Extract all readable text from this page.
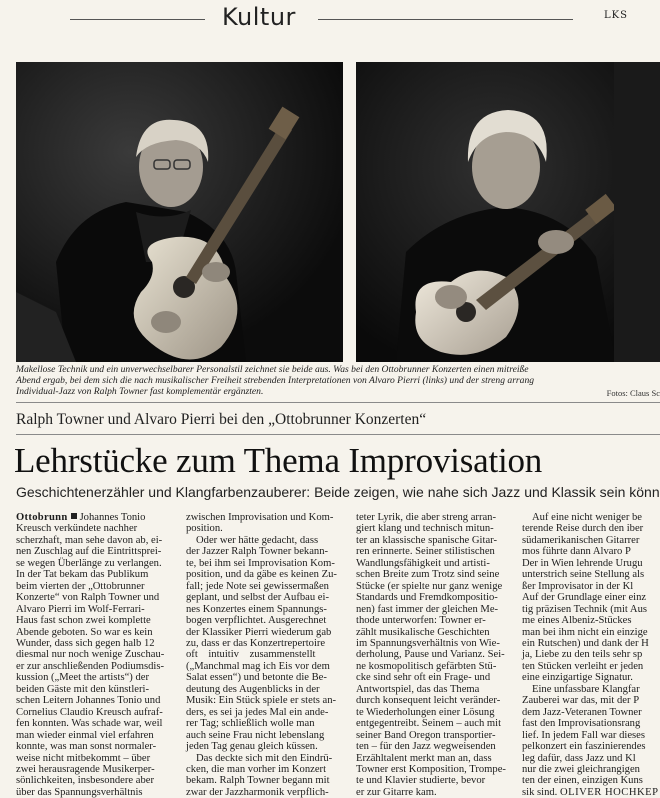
Kultur	LKS
Makellose Technik und ein unverwechselbarer Personalstil zeichnet sie beide aus. Was bei den Ottobrunner Konzerten einen mitreiße
Abend ergab, bei dem sich die nach musikalischer Freiheit strebenden Interpretationen von Alvaro Pierri (links) und der streng arrang
Individual-Jazz von Ralph Towner fast komplementär ergänzten.	Fotos: Claus Sc
Ralph Towner und Alvaro Pierri bei den „Ottobrunner Konzerten“
Lehrstücke zum Thema Improvisation
Geschichtenerzähler und Klangfarbenzauberer: Beide zeigen, wie nahe sich Jazz und Klassik sein könn
Ottobrunn Johannes Tonio
Kreusch verkündete nachher
scherzhaft, man sehe davon ab, ei-
nen Zuschlag auf die Eintrittsprei-
se wegen Überlänge zu verlangen.
In der Tat bekam das Publikum
beim vierten der „Ottobrunner
Konzerte“ von Ralph Towner und
Alvaro Pierri im Wolf-Ferrari-
Haus fast schon zwei komplette
Abende geboten. So war es kein
Wunder, dass sich gegen halb 12
diesmal nur noch wenige Zuschau-
er zur anschließenden Podiumsdis-
kussion („Meet the artists“) der
beiden Gäste mit den künstleri-
schen Leitern Johannes Tonio und
Cornelius Claudio Kreusch aufraf-
fen konnten. Was schade war, weil
man wieder einmal viel erfahren
konnte, was man sonst normaler-
weise nicht mitbekommt – über
zwei herausragende Musikerper-
sönlichkeiten, insbesondere aber
über das Spannungsverhältnis
zwischen Improvisation und Kom-
position.
Oder wer hätte gedacht, dass
der Jazzer Ralph Towner bekann-
te, bei ihm sei Improvisation Kom-
position, und da gäbe es keinen Zu-
fall; jede Note sei gewissermaßen
geplant, und selbst der Aufbau ei-
nes Konzertes einem Spannungs-
bogen verpflichtet. Ausgerechnet
der Klassiker Pierri wiederum gab
zu, dass er das Konzertrepertoire
oft    intuitiv    zusammenstellt
(„Manchmal mag ich Eis vor dem
Salat essen“) und betonte die Be-
deutung des Augenblicks in der
Musik: Ein Stück spiele er stets an-
ders, es sei ja jedes Mal ein ande-
rer Tag; schließlich wolle man
auch seine Frau nicht lebenslang
jeden Tag genau gleich küssen.
Das deckte sich mit den Eindrü-
cken, die man vorher im Konzert
bekam. Ralph Towner begann mit
zwar der Jazzharmonik verpflich-
teter Lyrik, die aber streng arran-
giert klang und technisch mitun-
ter an klassische spanische Gitar-
ren erinnerte. Seiner stilistischen
Wandlungsfähigkeit und artisti-
schen Breite zum Trotz sind seine
Stücke (er spielte nur ganz wenige
Standards und Fremdkompositio-
nen) fast immer der gleichen Me-
thode unterworfen: Towner er-
zählt musikalische Geschichten
im Spannungsverhältnis von Wie-
derholung, Pause und Varianz. Sei-
ne kosmopolitisch gefärbten Stü-
cke sind sehr oft ein Frage- und
Antwortspiel, das das Thema
durch konsequent leicht veränder-
te Wiederholungen einer Lösung
entgegentreibt. Seinem – auch mit
seiner Band Oregon transportier-
ten – für den Jazz wegweisenden
Erzähltalent merkt man an, dass
Towner erst Komposition, Trompe-
te und Klavier studierte, bevor
er zur Gitarre kam.
Auf eine nicht weniger be
terende Reise durch den iber
südamerikanischen Gitarrer
mos führte dann Alvaro P
Der in Wien lehrende Urugu
unterstrich seine Stellung als
ßer Improvisator in der Kl
Auf der Grundlage einer einz
tig präzisen Technik (mit Aus
me eines Albeniz-Stückes
man bei ihm nicht ein einzige
ein Rutschen) und dank der H
ja, Liebe zu den teils sehr sp
ten Stücken verleiht er jeden
eine einzigartige Signatur.
Eine unfassbare Klangfar
Zauberei war das, mit der P
dem Jazz-Veteranen Towner
fast den Improvisationsrang
lief. In jedem Fall war dieses
pelkonzert ein faszinierendes
leg dafür, dass Jazz und Kl
nur die zwei gleichrangigen
ten der einen, einzigen Kuns
sik sind. OLIVER HOCHKEP
